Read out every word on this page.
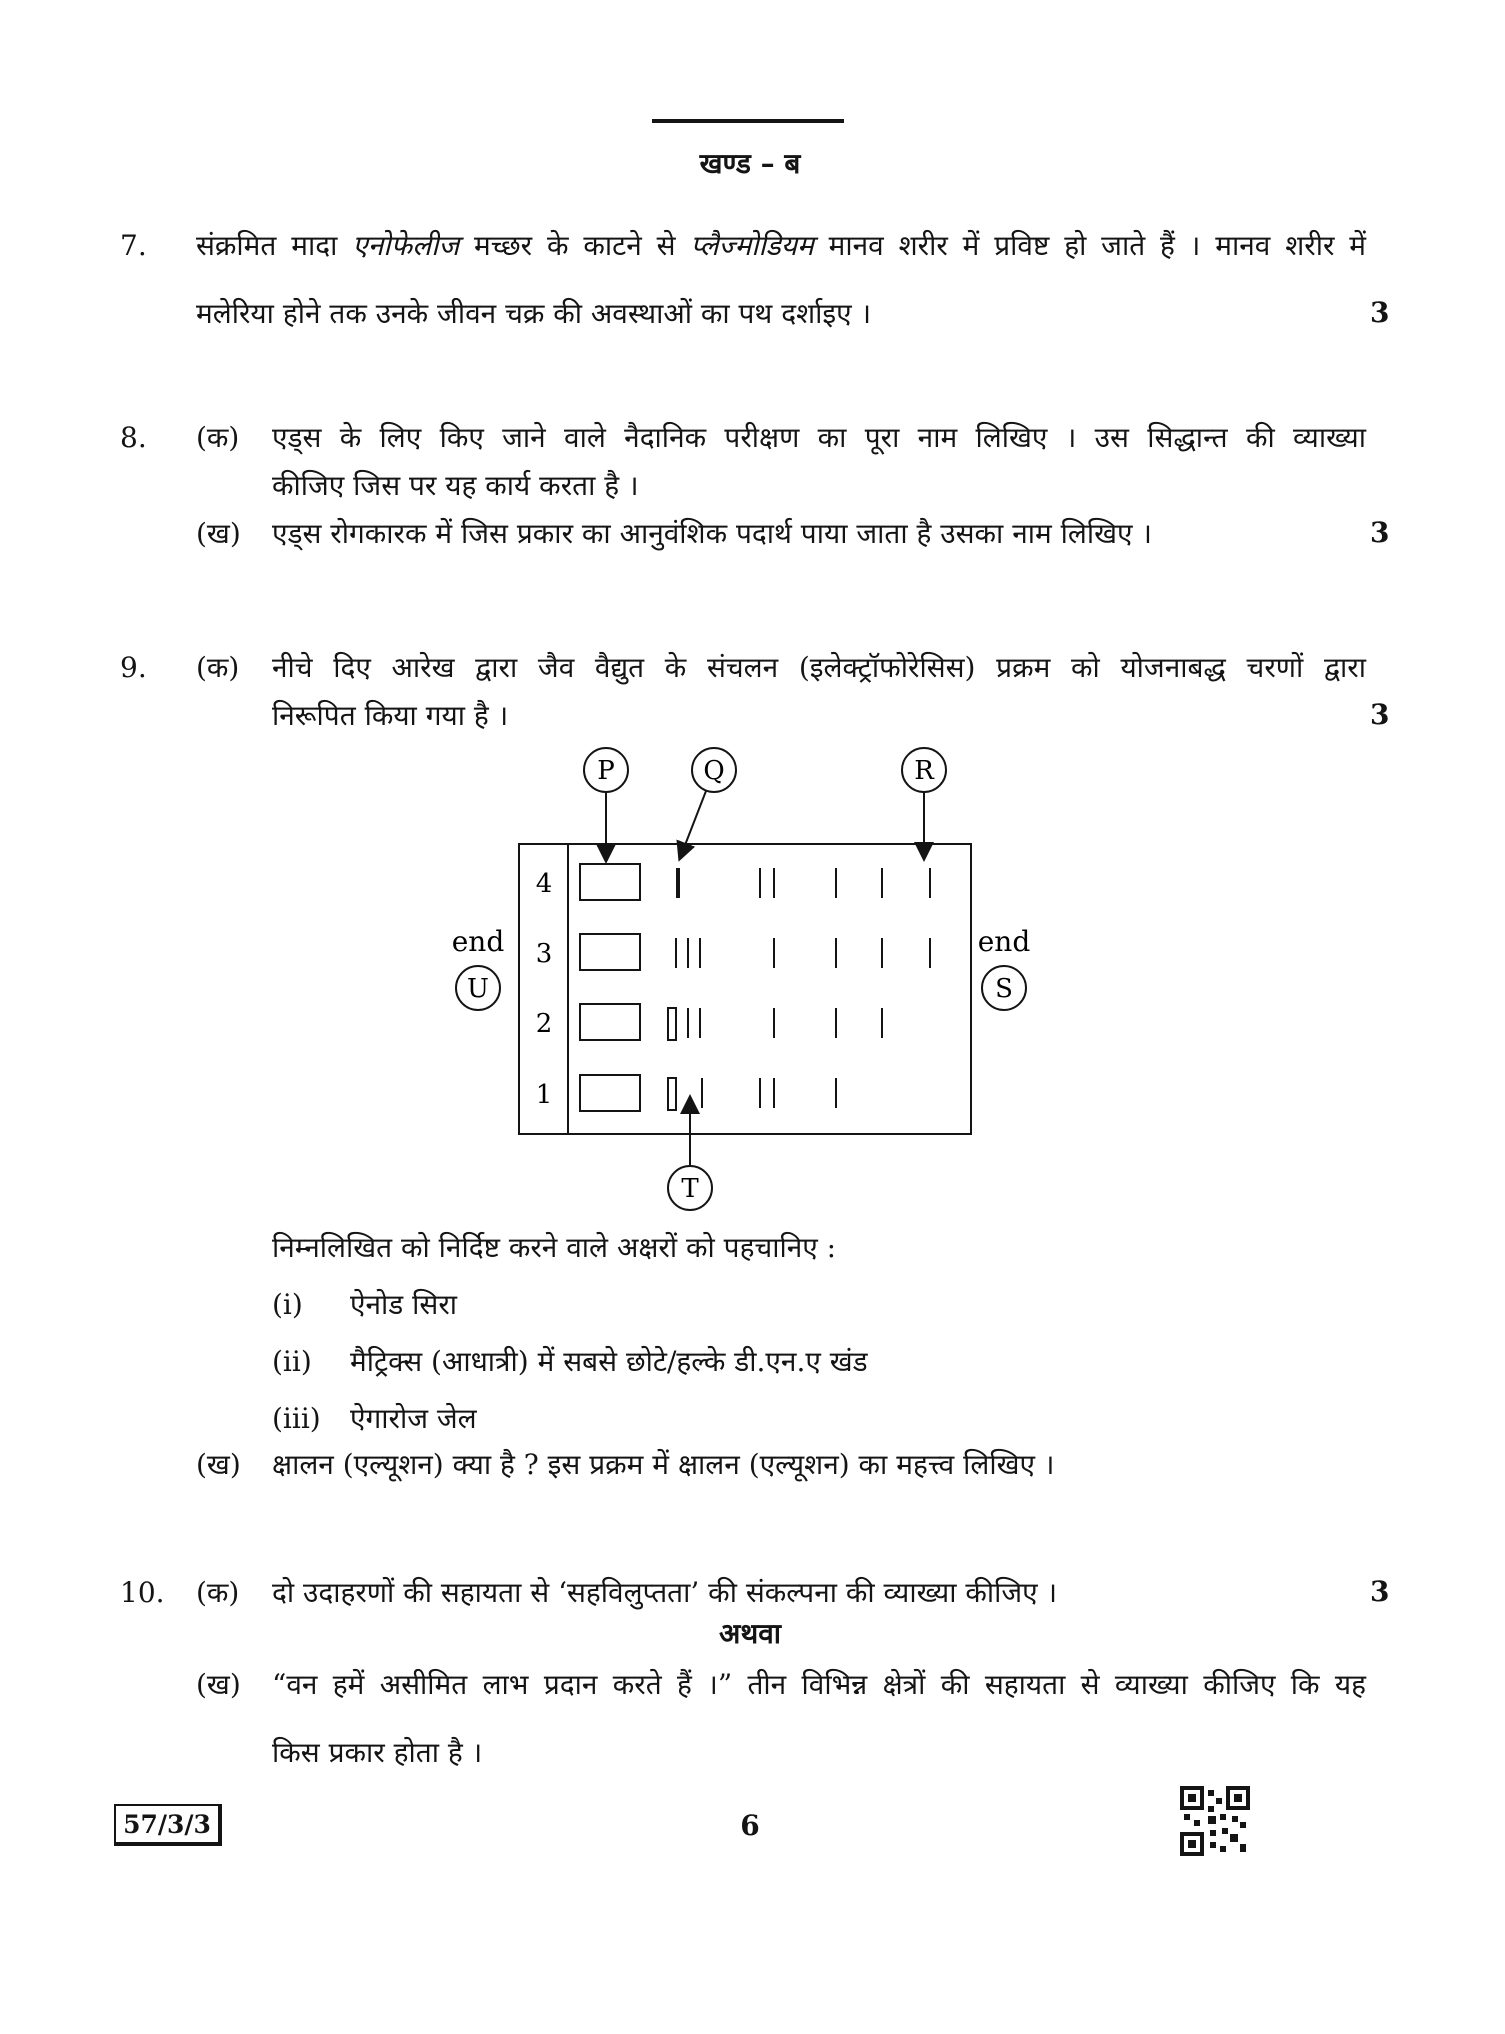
खण्ड – ब
7. संक्रमित मादा एनोफेलीज मच्छर के काटने से प्लैज्मोडियम मानव शरीर में प्रविष्ट हो जाते हैं । मानव शरीर में
मलेरिया होने तक उनके जीवन चक्र की अवस्थाओं का पथ दर्शाइए ।	3
8. (क) एड्स के लिए किए जाने वाले नैदानिक परीक्षण का पूरा नाम लिखिए । उस सिद्धान्त की व्याख्या
कीजिए जिस पर यह कार्य करता है ।
(ख) एड्स रोगकारक में जिस प्रकार का आनुवंशिक पदार्थ पाया जाता है उसका नाम लिखिए ।	3
9. (क) नीचे दिए आरेख द्वारा जैव वैद्युत के संचलन (इलेक्ट्रॉफोरेसिस) प्रक्रम को योजनाबद्ध चरणों द्वारा
निरूपित किया गया है ।	3
4
3
2
1
P	Q	R
T
end
U
end
S
निम्नलिखित को निर्दिष्ट करने वाले अक्षरों को पहचानिए :
(i) ऐनोड सिरा
(ii) मैट्रिक्स (आधात्री) में सबसे छोटे/हल्के डी.एन.ए खंड
(iii) ऐगारोज जेल
(ख) क्षालन (एल्यूशन) क्या है ? इस प्रक्रम में क्षालन (एल्यूशन) का महत्त्व लिखिए ।
10. (क) दो उदाहरणों की सहायता से ‘सहविलुप्तता’ की संकल्पना की व्याख्या कीजिए ।	3
अथवा
(ख) “वन हमें असीमित लाभ प्रदान करते हैं ।” तीन विभिन्न क्षेत्रों की सहायता से व्याख्या कीजिए कि यह
किस प्रकार होता है ।
57/3/3	6
